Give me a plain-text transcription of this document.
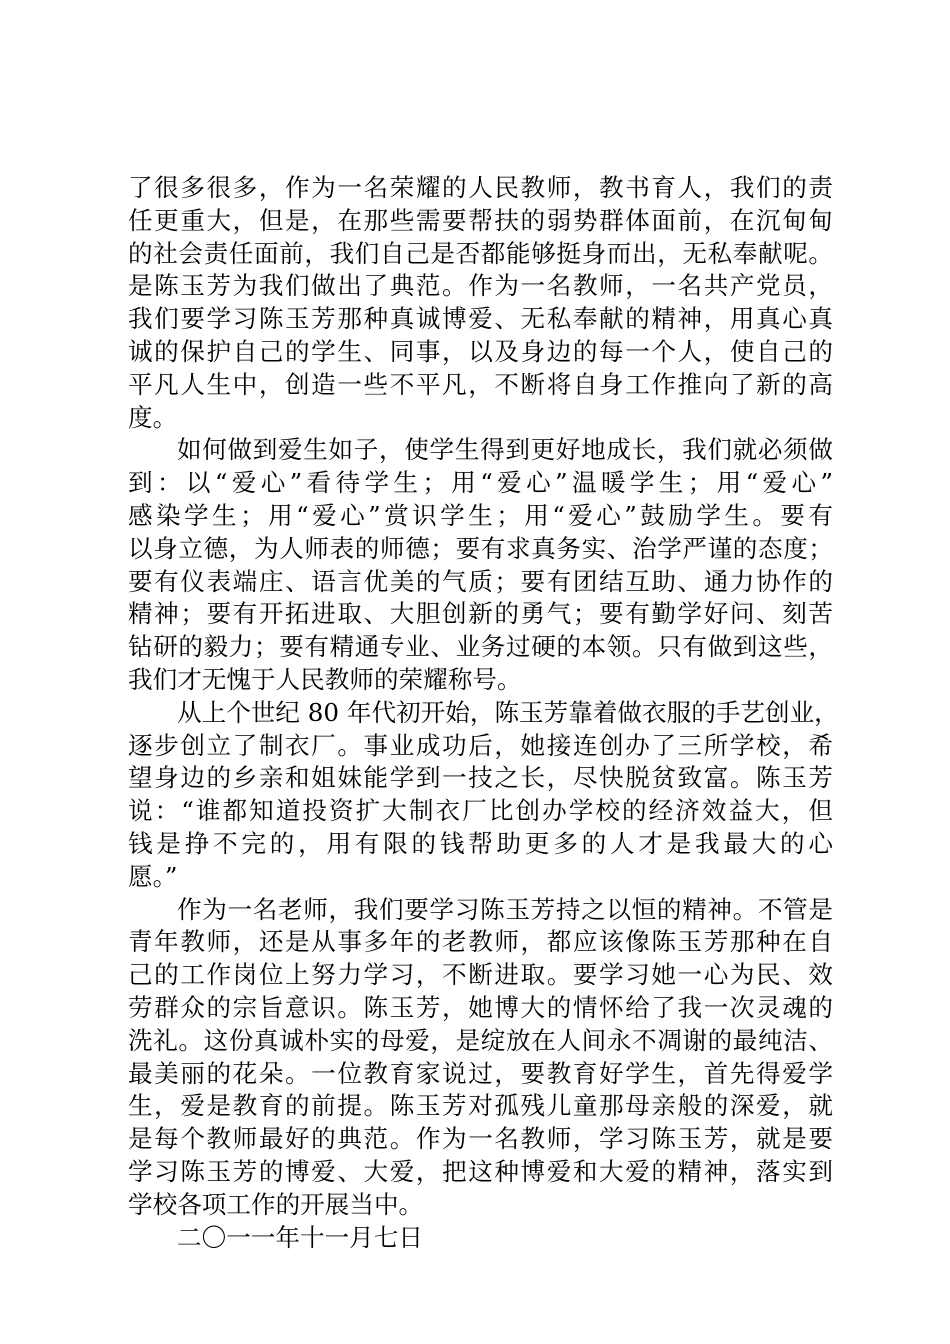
了很多很多，作为一名荣耀的人民教师，教书育人，我们的责
任更重大，但是，在那些需要帮扶的弱势群体面前，在沉甸甸
的社会责任面前，我们自己是否都能够挺身而出，无私奉献呢。
是陈玉芳为我们做出了典范。作为一名教师，一名共产党员，
我们要学习陈玉芳那种真诚博爱、无私奉献的精神，用真心真
诚的保护自己的学生、同事，以及身边的每一个人，使自己的
平凡人生中，创造一些不平凡，不断将自身工作推向了新的高
度。
如何做到爱生如子，使学生得到更好地成长，我们就必须做
到：以“爱心”看待学生；用“爱心”温暖学生；用“爱心”
感染学生；用“爱心”赏识学生；用“爱心”鼓励学生。要有
以身立德，为人师表的师德；要有求真务实、治学严谨的态度；
要有仪表端庄、语言优美的气质；要有团结互助、通力协作的
精神；要有开拓进取、大胆创新的勇气；要有勤学好问、刻苦
钻研的毅力；要有精通专业、业务过硬的本领。只有做到这些，
我们才无愧于人民教师的荣耀称号。
从上个世纪 80 年代初开始，陈玉芳靠着做衣服的手艺创业，
逐步创立了制衣厂。事业成功后，她接连创办了三所学校，希
望身边的乡亲和姐妹能学到一技之长，尽快脱贫致富。陈玉芳
说：“谁都知道投资扩大制衣厂比创办学校的经济效益大，但
钱是挣不完的，用有限的钱帮助更多的人才是我最大的心
愿。”
作为一名老师，我们要学习陈玉芳持之以恒的精神。不管是
青年教师，还是从事多年的老教师，都应该像陈玉芳那种在自
己的工作岗位上努力学习，不断进取。要学习她一心为民、效
劳群众的宗旨意识。陈玉芳，她博大的情怀给了我一次灵魂的
洗礼。这份真诚朴实的母爱，是绽放在人间永不凋谢的最纯洁、
最美丽的花朵。一位教育家说过，要教育好学生，首先得爱学
生，爱是教育的前提。陈玉芳对孤残儿童那母亲般的深爱，就
是每个教师最好的典范。作为一名教师，学习陈玉芳，就是要
学习陈玉芳的博爱、大爱，把这种博爱和大爱的精神，落实到
学校各项工作的开展当中。
二〇一一年十一月七日
